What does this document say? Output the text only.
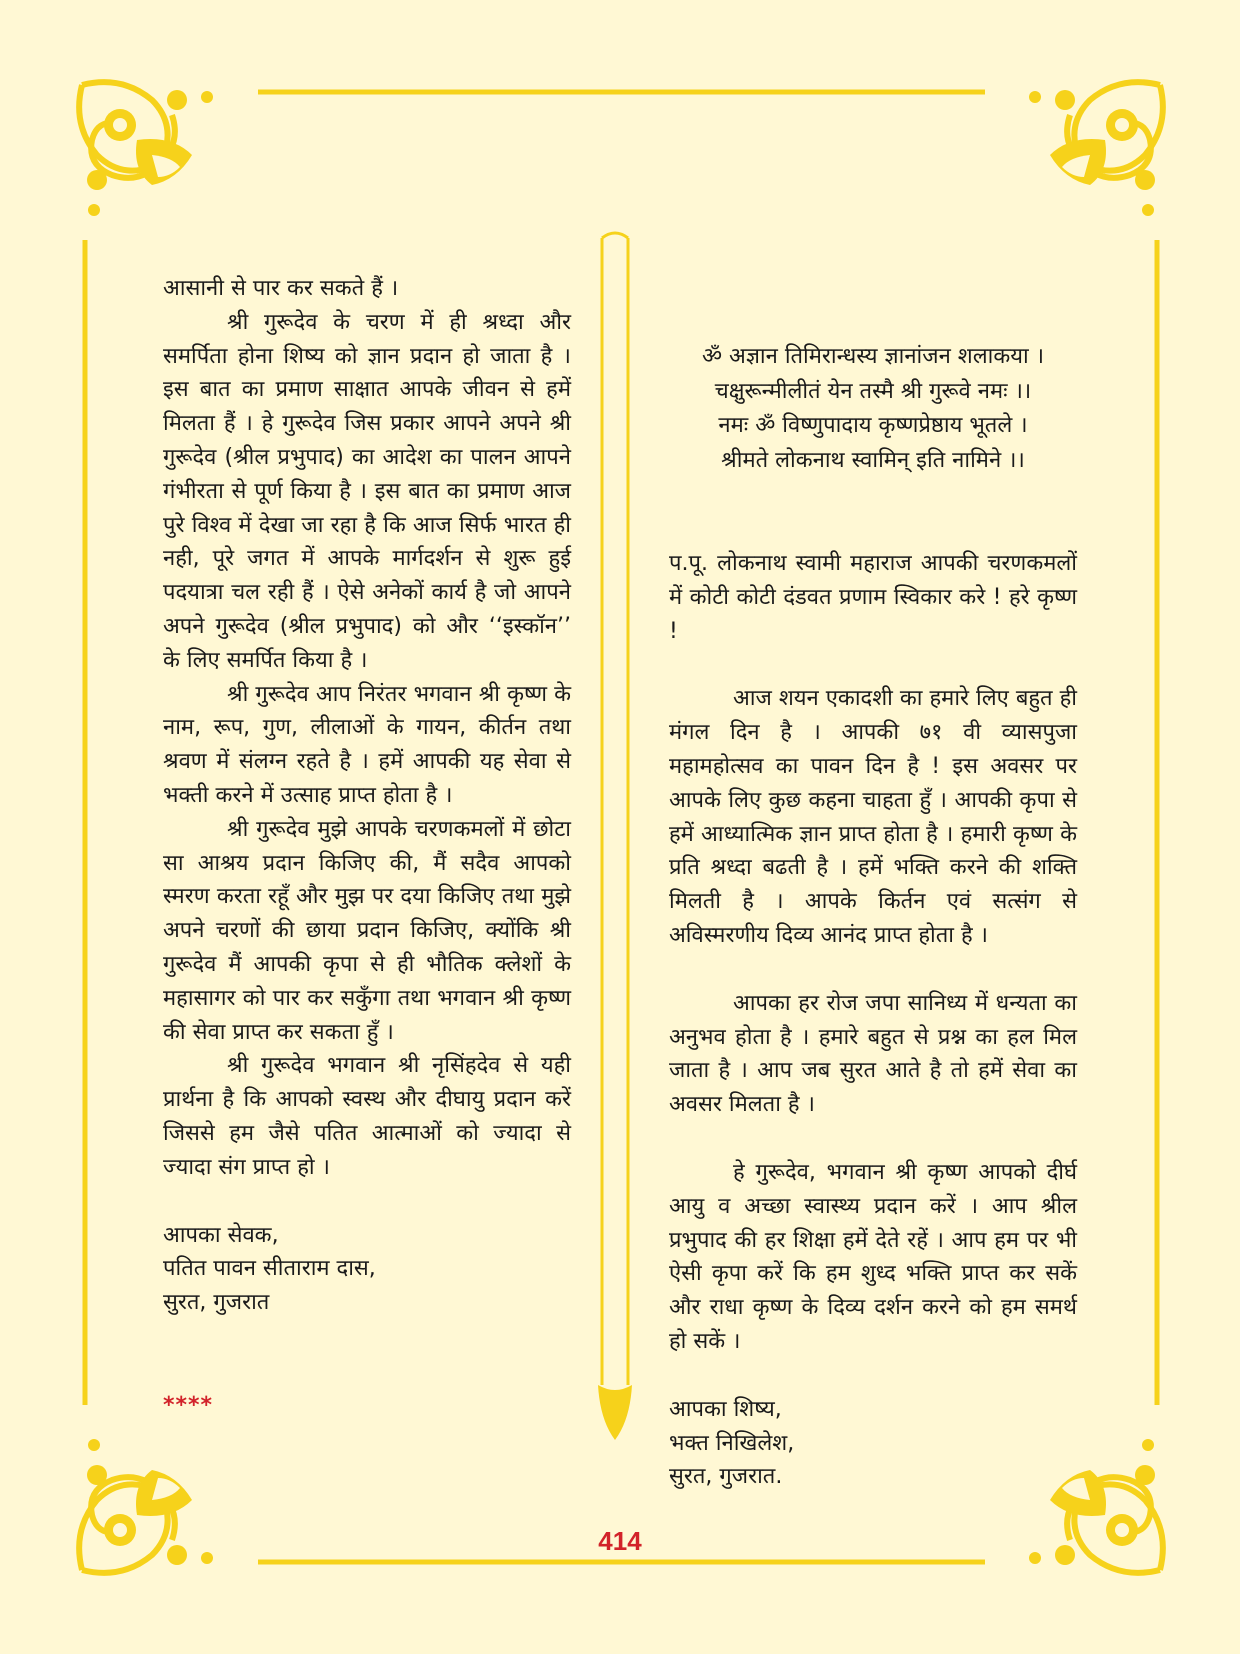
आसानी से पार कर सकते हैं ।

श्री गुरूदेव के चरण में ही श्रध्दा और समर्पिता होना शिष्य को ज्ञान प्रदान हो जाता है । इस बात का प्रमाण साक्षात आपके जीवन से हमें मिलता हैं । हे गुरूदेव जिस प्रकार आपने अपने श्री गुरूदेव (श्रील प्रभुपाद) का आदेश का पालन आपने गंभीरता से पूर्ण किया है । इस बात का प्रमाण आज पुरे विश्व में देखा जा रहा है कि आज सिर्फ भारत ही नही, पूरे जगत में आपके मार्गदर्शन से शुरू हुई पदयात्रा चल रही हैं । ऐसे अनेकों कार्य है जो आपने अपने गुरूदेव (श्रील प्रभुपाद) को और ‘‘इस्कॉन’’ के लिए समर्पित किया है ।

श्री गुरूदेव आप निरंतर भगवान श्री कृष्ण के नाम, रूप, गुण, लीलाओं के गायन, कीर्तन तथा श्रवण में संलग्न रहते है । हमें आपकी यह सेवा से भक्ती करने में उत्साह प्राप्त होता है ।

श्री गुरूदेव मुझे आपके चरणकमलों में छोटा सा आश्रय प्रदान किजिए की, मैं सदैव आपको स्मरण करता रहूँ और मुझ पर दया किजिए तथा मुझे अपने चरणों की छाया प्रदान किजिए, क्योंकि श्री गुरूदेव मैं आपकी कृपा से ही भौतिक क्लेशों के महासागर को पार कर सकुँगा तथा भगवान श्री कृष्ण की सेवा प्राप्त कर सकता हुँ ।

श्री गुरूदेव भगवान श्री नृसिंहदेव से यही प्रार्थना है कि आपको स्वस्थ और दीघायु प्रदान करें जिससे हम जैसे पतित आत्माओं को ज्यादा से ज्यादा संग प्राप्त हो ।

आपका सेवक,

पतित पावन सीताराम दास,

सुरत, गुजरात

****

ॐ अज्ञान तिमिरान्धस्य ज्ञानांजन शलाकया ।

चक्षुरून्मीलीतं येन तस्मै श्री गुरूवे नमः ।।

नमः ॐ विष्णुपादाय कृष्णप्रेष्ठाय भूतले ।

श्रीमते लोकनाथ स्वामिन् इति नामिने ।।

प.पू. लोकनाथ स्वामी महाराज आपकी चरणकमलों में कोटी कोटी दंडवत प्रणाम स्विकार करे ! हरे कृष्ण !

आज शयन एकादशी का हमारे लिए बहुत ही मंगल दिन है । आपकी ७१ वी व्यासपुजा महामहोत्सव का पावन दिन है ! इस अवसर पर आपके लिए कुछ कहना चाहता हुँ । आपकी कृपा से हमें आध्यात्मिक ज्ञान प्राप्त होता है । हमारी कृष्ण के प्रति श्रध्दा बढती है । हमें भक्ति करने की शक्ति मिलती है । आपके किर्तन एवं सत्संग से अविस्मरणीय दिव्य आनंद प्राप्त होता है ।

आपका हर रोज जपा सानिध्य में धन्यता का अनुभव होता है । हमारे बहुत से प्रश्न का हल मिल जाता है । आप जब सुरत आते है तो हमें सेवा का अवसर मिलता है ।

हे गुरूदेव, भगवान श्री कृष्ण आपको दीर्घ आयु व अच्छा स्वास्थ्य प्रदान करें । आप श्रील प्रभुपाद की हर शिक्षा हमें देते रहें । आप हम पर भी ऐसी कृपा करें कि हम शुध्द भक्ति प्राप्त कर सकें और राधा कृष्ण के दिव्य दर्शन करने को हम समर्थ हो सकें ।

आपका शिष्य,

भक्त निखिलेश,

सुरत, गुजरात.

414
